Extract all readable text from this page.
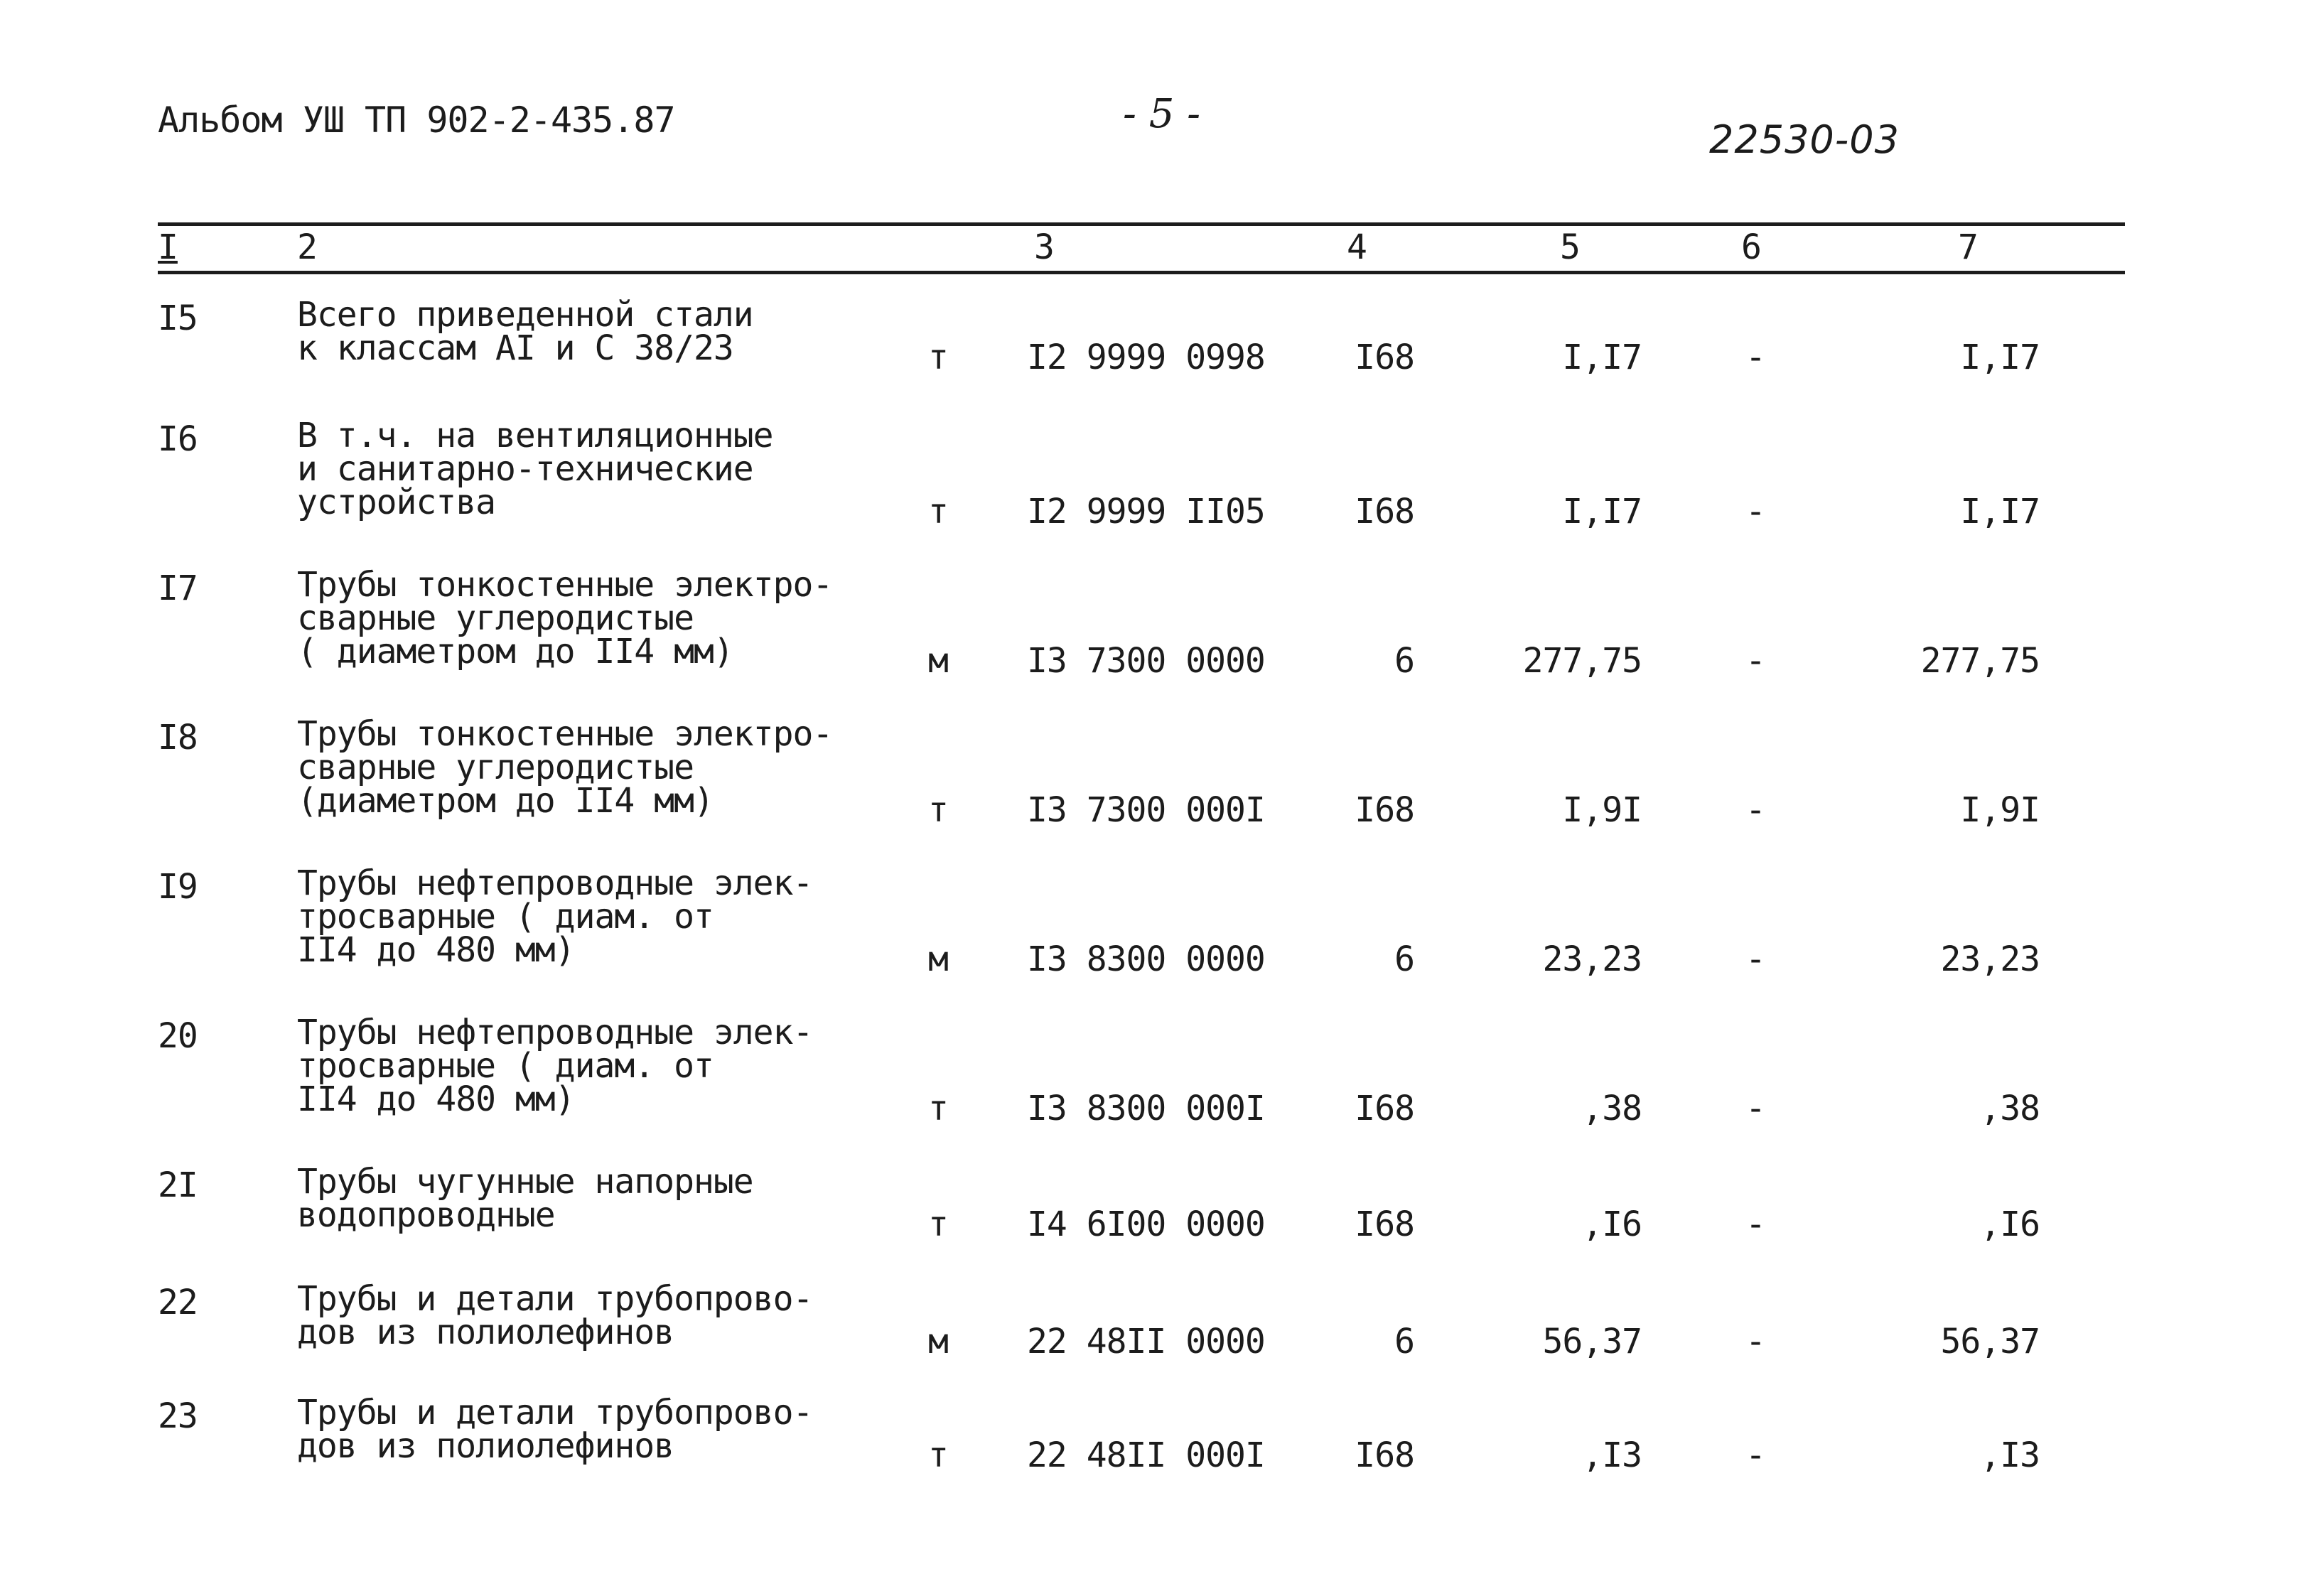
Альбом УШ ТП 902-2-435.87	- 5 -
22530-03
I	2	3	4	5	6	7
I5	Всего приведенной стали
к классам AI и C 38/23	т I2 9999 0998	I68	I,I7	-	I,I7
I6	В т.ч. на вентиляционные
и санитарно-технические
устройства	т I2 9999 II05	I68	I,I7	-	I,I7
I7	Трубы тонкостенные электро-
сварные углеродистые
( диаметром до II4 мм)	м I3 7300 0000	6	277,75	-	277,75
I8	Трубы тонкостенные электро-
сварные углеродистые
(диаметром до II4 мм)	т I3 7300 000I	I68	I,9I	-	I,9I
I9	Трубы нефтепроводные элек-
тросварные ( диам. от
II4 до 480 мм)	м I3 8300 0000	6	23,23	-	23,23
20	Трубы нефтепроводные элек-
тросварные ( диам. от
II4 до 480 мм)	т I3 8300 000I	I68	,38	-	,38
2I	Трубы чугунные напорные
водопроводные	т I4 6I00 0000	I68	,I6	-	,I6
22	Трубы и детали трубопрово-
дов из полиолефинов	м 22 48II 0000	6	56,37	-	56,37
23	Трубы и детали трубопрово-
дов из полиолефинов	т 22 48II 000I	I68	,I3	-	,I3
